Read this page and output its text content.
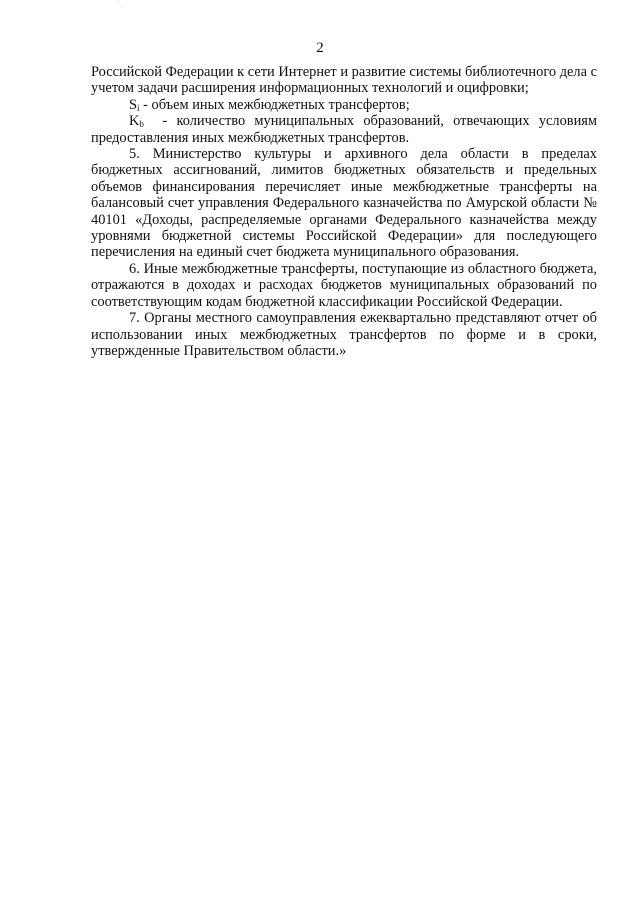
' .
2

Российской Федерации к сети Интернет и развитие системы библиотечного дела с учетом задачи расширения информационных технологий и оцифровки;

$S_i$ - объем иных межбюджетных трансфертов;

$K_b$  - количество муниципальных образований, отвечающих условиям предоставления иных межбюджетных трансфертов.

5. Министерство культуры и архивного дела области в пределах бюджетных ассигнований, лимитов бюджетных обязательств и предельных объемов финансирования перечисляет иные межбюджетные трансферты на балансовый счет управления Федерального казначейства по Амурской области № 40101 «Доходы, распределяемые органами Федерального казначейства между уровнями бюджетной системы Российской Федерации» для последующего перечисления на единый счет бюджета муниципального образования.

6. Иные межбюджетные трансферты, поступающие из областного бюджета, отражаются в доходах и расходах бюджетов муниципальных образований по соответствующим кодам бюджетной классификации Российской Федерации.

7. Органы местного самоуправления ежеквартально представляют отчет об использовании иных межбюджетных трансфертов по форме и в сроки, утвержденные Правительством области.»
